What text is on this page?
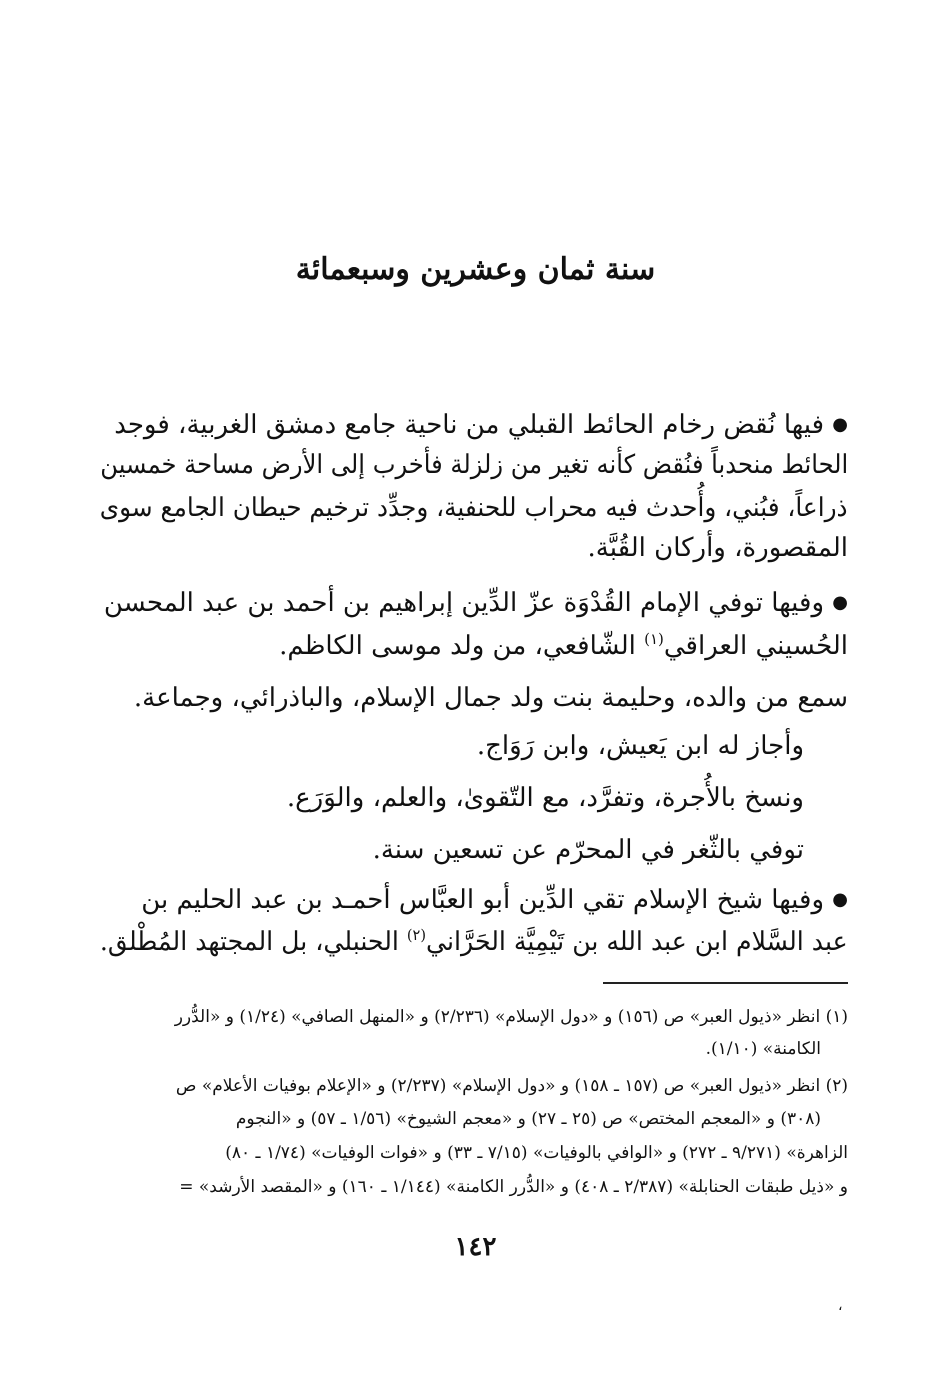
سنة ثمان وعشرين وسبعمائة
● فيها نُقض رخام الحائط القبلي من ناحية جامع دمشق الغربية، فوجد
الحائط منحدباً فنُقض كأنه تغير من زلزلة فأخرب إلى الأرض مساحة خمسين
ذراعاً، فبُني، وأُحدث فيه محراب للحنفية، وجدِّد ترخيم حيطان الجامع سوى
المقصورة، وأركان القُبَّة.
● وفيها توفي الإمام القُدْوَة عزّ الدِّين إبراهيم بن أحمد بن عبد المحسن
الحُسيني العراقي$^{(١)}$ الشّافعي، من ولد موسى الكاظم.
سمع من والده، وحليمة بنت ولد جمال الإسلام، والباذرائي، وجماعة.
وأجاز له ابن يَعيش، وابن رَوَاج.
ونسخ بالأُجرة، وتفرَّد، مع التّقوىٰ، والعلم، والوَرَع.
توفي بالثّغر في المحرّم عن تسعين سنة.
● وفيها شيخ الإسلام تقي الدِّين أبو العبَّاس أحمـد بن عبد الحليم بن
عبد السَّلام ابن عبد الله بن تَيْمِيَّة الحَرَّاني$^{(٢)}$ الحنبلي، بل المجتهد المُطْلق.
(١) انظر «ذيول العبر» ص (١٥٦) و «دول الإسلام» (٢/٢٣٦) و «المنهل الصافي» (١/٢٤) و «الدُّرر
الكامنة» (١/١٠).
(٢) انظر «ذيول العبر» ص (١٥٧ ـ ١٥٨) و «دول الإسلام» (٢/٢٣٧) و «الإعلام بوفيات الأعلام» ص
(٣٠٨) و «المعجم المختص» ص (٢٥ ـ ٢٧) و «معجم الشيوخ» (١/٥٦ ـ ٥٧) و «النجوم
الزاهرة» (٩/٢٧١ ـ ٢٧٢) و «الوافي بالوفيات» (٧/١٥ ـ ٣٣) و «فوات الوفيات» (١/٧٤ ـ ٨٠)
و «ذيل طبقات الحنابلة» (٢/٣٨٧ ـ ٤٠٨) و «الدُّرر الكامنة» (١/١٤٤ ـ ١٦٠) و «المقصد الأرشد» =
١٤٢
،
